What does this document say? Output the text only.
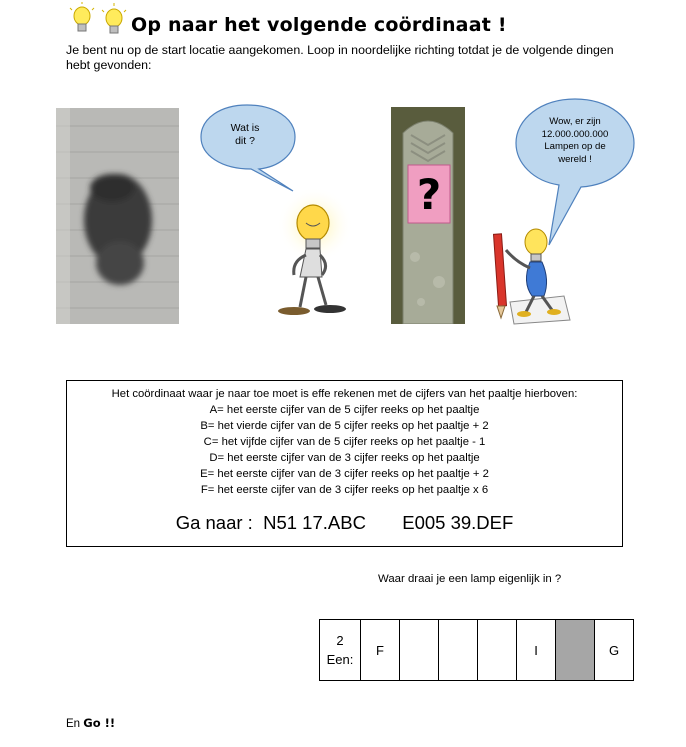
Op naar het volgende coördinaat !
Je bent nu op de start locatie aangekomen. Loop in noordelijke richting totdat je de volgende dingen hebt gevonden:
Wat is
dit ?
?
Wow, er zijn
12.000.000.000
Lampen op de
wereld !
Het coördinaat waar je naar toe moet is effe rekenen met de cijfers van het paaltje hierboven:
A= het eerste cijfer van de 5 cijfer reeks op het paaltje
B= het vierde cijfer van de 5 cijfer reeks op het paaltje + 2
C= het vijfde cijfer van de 5 cijfer reeks op het paaltje - 1
D= het eerste cijfer van de 3 cijfer reeks op het paaltje
E= het eerste cijfer van de 3 cijfer reeks op het paaltje + 2
F= het eerste cijfer van de 3 cijfer reeks op het paaltje x 6
Ga naar : N51 17.ABC E005 39.DEF
Waar draai je een lamp eigenlijk in ?
2
Een:
	F				I		G
En Go !!
